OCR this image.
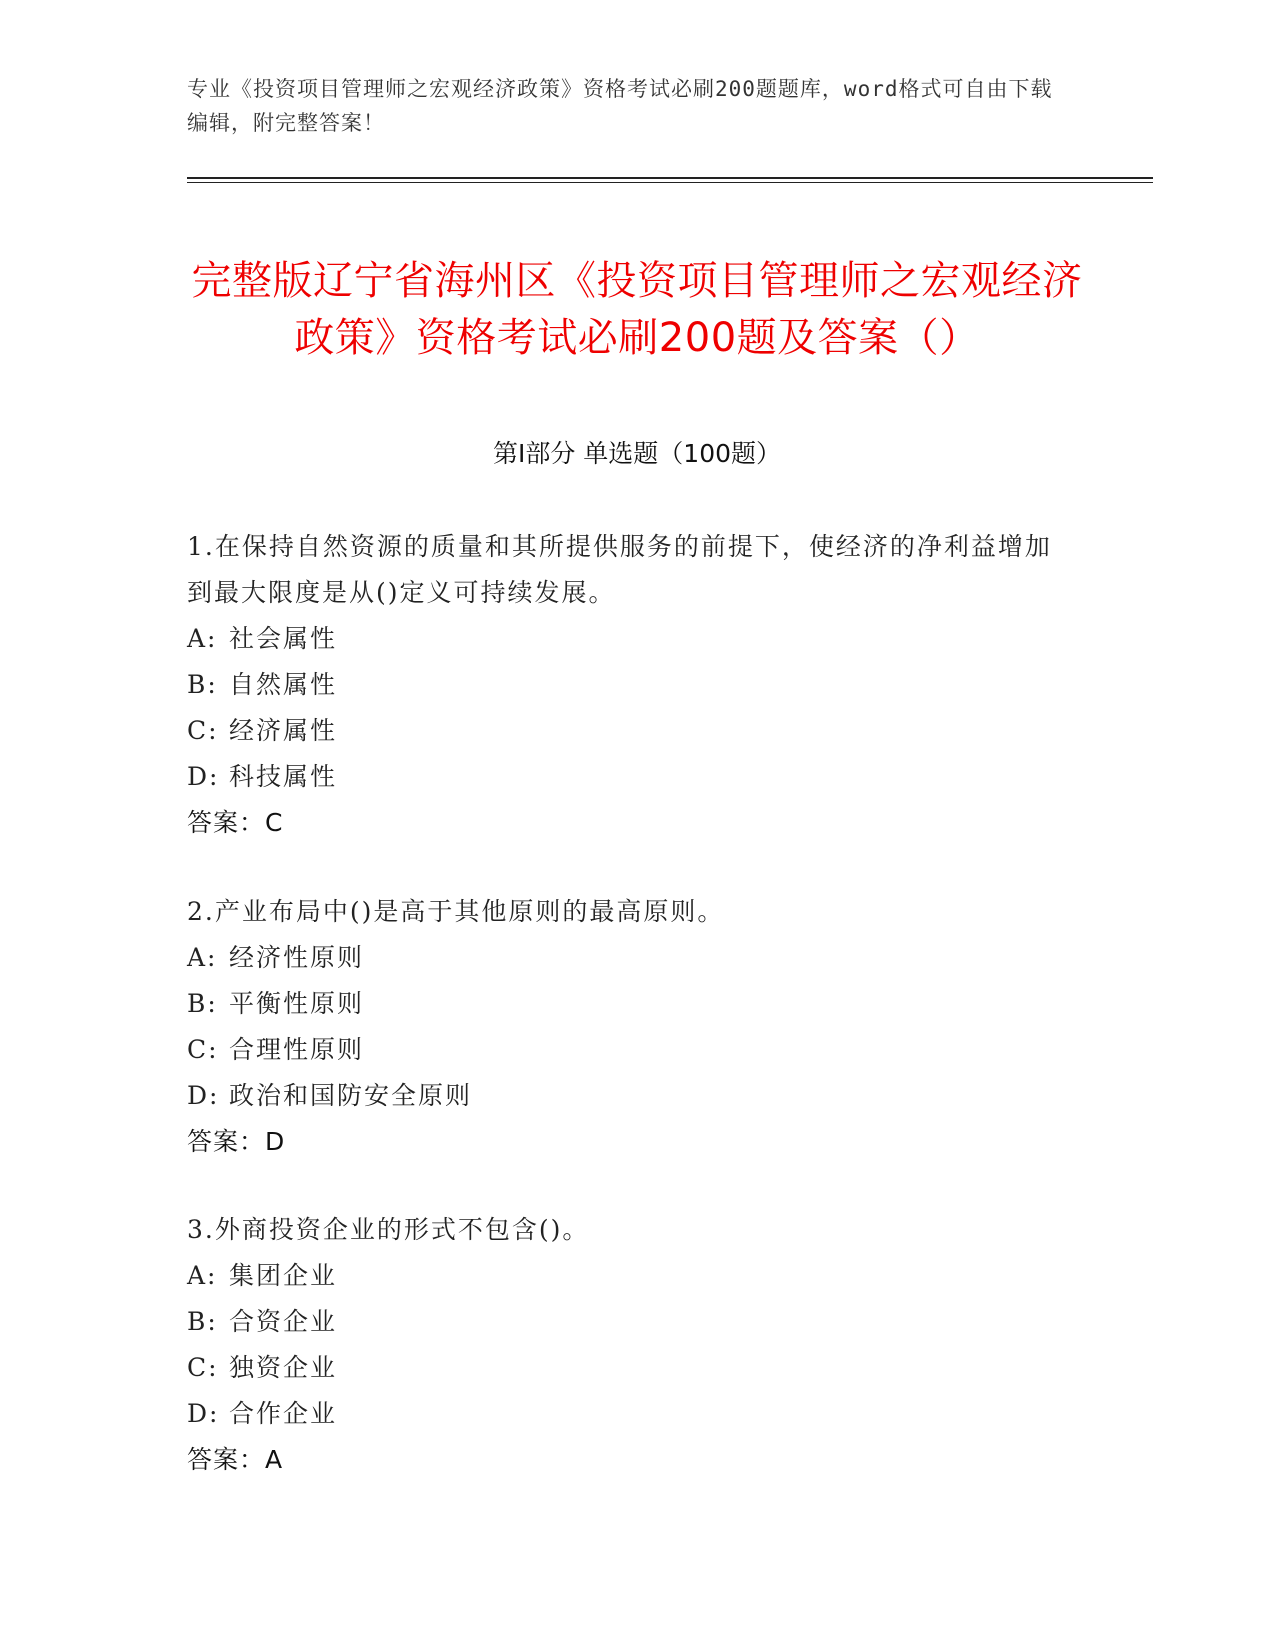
专业《投资项目管理师之宏观经济政策》资格考试必刷200题题库，word格式可自由下载编辑，附完整答案！
完整版辽宁省海州区《投资项目管理师之宏观经济政策》资格考试必刷200题及答案（）
第Ⅰ部分 单选题（100题）
1.在保持自然资源的质量和其所提供服务的前提下，使经济的净利益增加到最大限度是从()定义可持续发展。
A: 社会属性
B: 自然属性
C: 经济属性
D: 科技属性
答案：C
2.产业布局中()是高于其他原则的最高原则。
A: 经济性原则
B: 平衡性原则
C: 合理性原则
D: 政治和国防安全原则
答案：D
3.外商投资企业的形式不包含()。
A: 集团企业
B: 合资企业
C: 独资企业
D: 合作企业
答案：A
